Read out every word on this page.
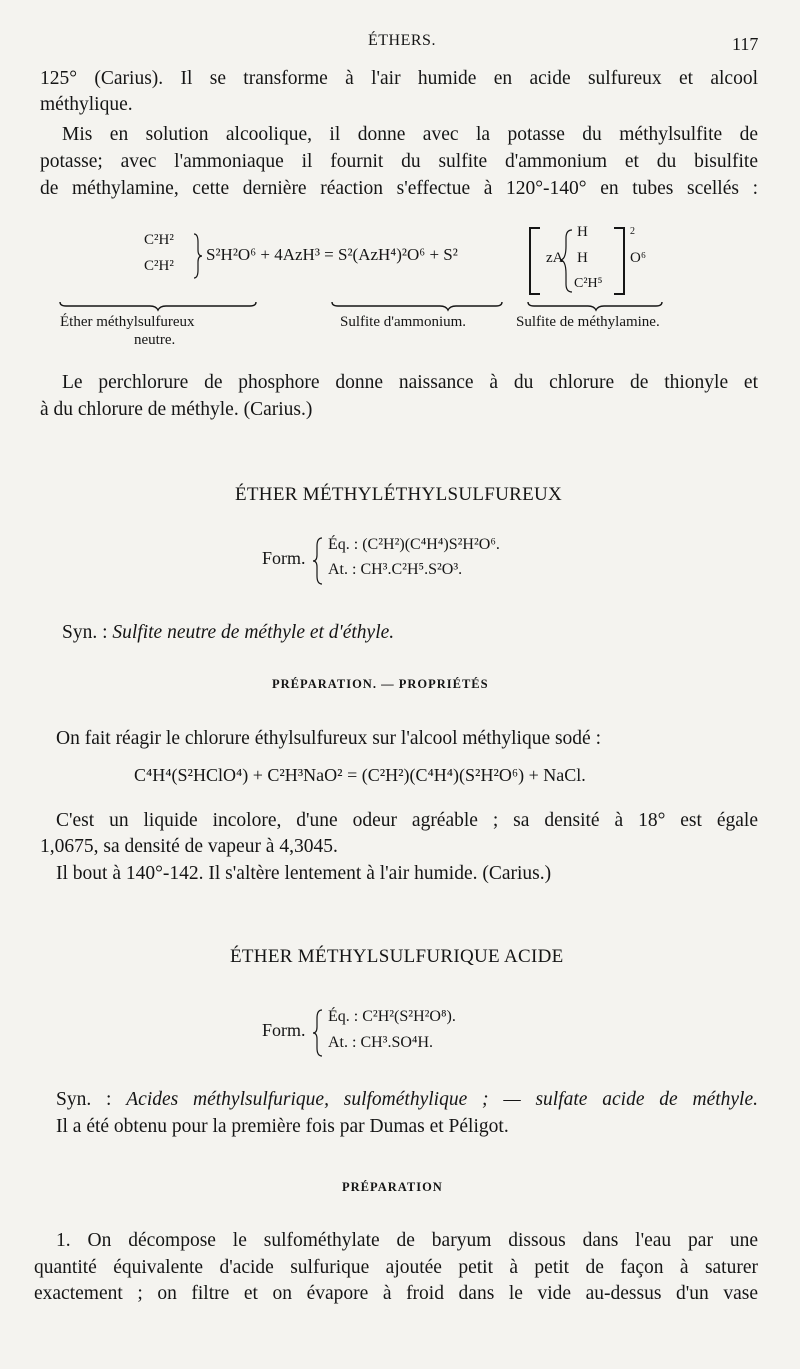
ÉTHERS.	117
125° (Carius). Il se transforme à l'air humide en acide sulfureux et alcool
méthylique.
Mis en solution alcoolique, il donne avec la potasse du méthylsulfite de
potasse; avec l'ammoniaque il fournit du sulfite d'ammonium et du bisulfite
de méthylamine, cette dernière réaction s'effectue à 120°-140° en tubes scellés :
C²H²
C²H²
S²H²O⁶ + 4AzH³ = S²(AzH⁴)²O⁶ + S²	zA
H
H
C²H⁵
2
O⁶
Éther méthylsulfureux
neutre.
Sulfite d'ammonium.	Sulfite de méthylamine.
Le perchlorure de phosphore donne naissance à du chlorure de thionyle et
à du chlorure de méthyle. (Carius.)
ÉTHER MÉTHYLÉTHYLSULFUREUX
Form.
Éq. : (C²H²)(C⁴H⁴)S²H²O⁶.
At. : CH³.C²H⁵.S²O³.
Syn. : Sulfite neutre de méthyle et d'éthyle.
PRÉPARATION. — PROPRIÉTÉS
On fait réagir le chlorure éthylsulfureux sur l'alcool méthylique sodé :
C⁴H⁴(S²HClO⁴) + C²H³NaO² = (C²H²)(C⁴H⁴)(S²H²O⁶) + NaCl.
C'est un liquide incolore, d'une odeur agréable ; sa densité à 18° est égale
1,0675, sa densité de vapeur à 4,3045.
Il bout à 140°-142. Il s'altère lentement à l'air humide. (Carius.)
ÉTHER MÉTHYLSULFURIQUE ACIDE
Form.
Éq. : C²H²(S²H²O⁸).
At. : CH³.SO⁴H.
Syn. : Acides méthylsulfurique, sulfométhylique ; — sulfate acide de méthyle.
Il a été obtenu pour la première fois par Dumas et Péligot.
PRÉPARATION
1. On décompose le sulfométhylate de baryum dissous dans l'eau par une
quantité équivalente d'acide sulfurique ajoutée petit à petit de façon à saturer
exactement ; on filtre et on évapore à froid dans le vide au-dessus d'un vase
